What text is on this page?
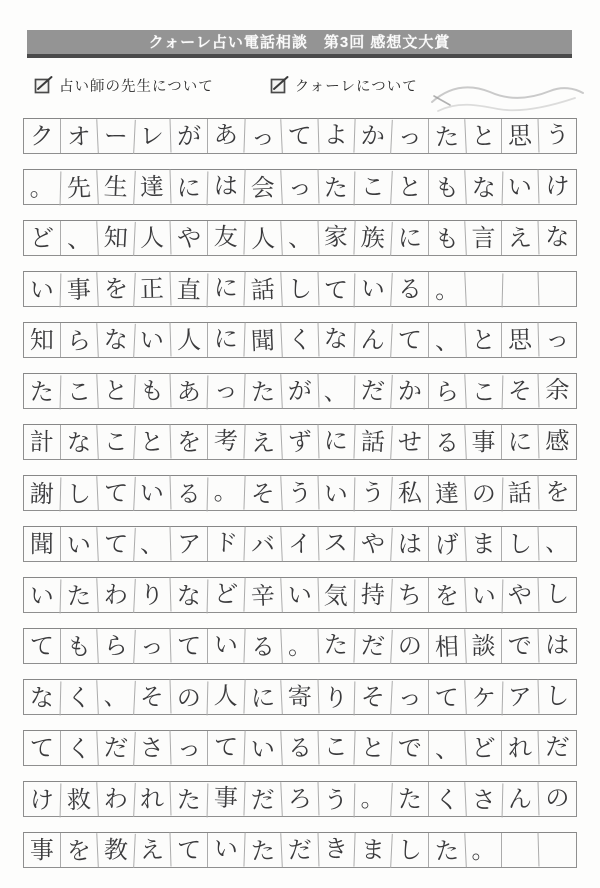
クォーレ占い電話相談　第3回 感想文大賞
占い師の先生について	クォーレについて
ク オ ー レ が あ っ て よ か っ た と 思 う
。 先 生 達 に は 会 っ た こ と も な い け
ど 、 知 人 や 友 人 、 家 族 に も 言 え な
い 事 を 正 直 に 話 し て い る 。
知 ら な い 人 に 聞 く な ん て 、 と 思 っ
た こ と も あ っ た が 、 だ か ら こ そ 余
計 な こ と を 考 え ず に 話 せ る 事 に 感
謝 し て い る 。 そ う い う 私 達 の 話 を
聞 い て 、 ア ド バ イ ス や は げ ま し 、
い た わ り な ど 辛 い 気 持 ち を い や し
て も ら っ て い る 。 た だ の 相 談 で は
な く 、 そ の 人 に 寄 り そ っ て ケ ア し
て く だ さ っ て い る こ と で 、 ど れ だ
け 救 わ れ た 事 だ ろ う 。 た く さ ん の
事 を 教 え て い た だ き ま し た 。
